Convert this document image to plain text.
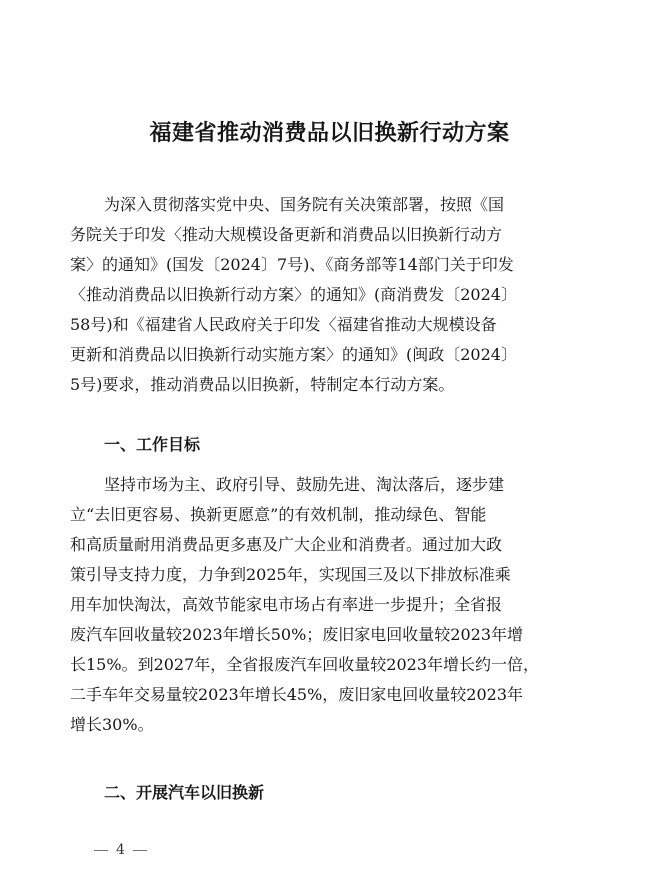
福建省推动消费品以旧换新行动方案
为深入贯彻落实党中央、国务院有关决策部署，按照《国
务院关于印发〈推动大规模设备更新和消费品以旧换新行动方
案〉的通知》(国发〔2024〕7号)、《商务部等14部门关于印发
〈推动消费品以旧换新行动方案〉的通知》(商消费发〔2024〕
58号)和《福建省人民政府关于印发〈福建省推动大规模设备
更新和消费品以旧换新行动实施方案〉的通知》(闽政〔2024〕
5号)要求，推动消费品以旧换新，特制定本行动方案。
一、工作目标
坚持市场为主、政府引导、鼓励先进、淘汰落后，逐步建
立“去旧更容易、换新更愿意”的有效机制，推动绿色、智能
和高质量耐用消费品更多惠及广大企业和消费者。通过加大政
策引导支持力度，力争到2025年，实现国三及以下排放标准乘
用车加快淘汰，高效节能家电市场占有率进一步提升；全省报
废汽车回收量较2023年增长50%；废旧家电回收量较2023年增
长15%。到2027年，全省报废汽车回收量较2023年增长约一倍，
二手车年交易量较2023年增长45%，废旧家电回收量较2023年
增长30%。
二、开展汽车以旧换新
4
